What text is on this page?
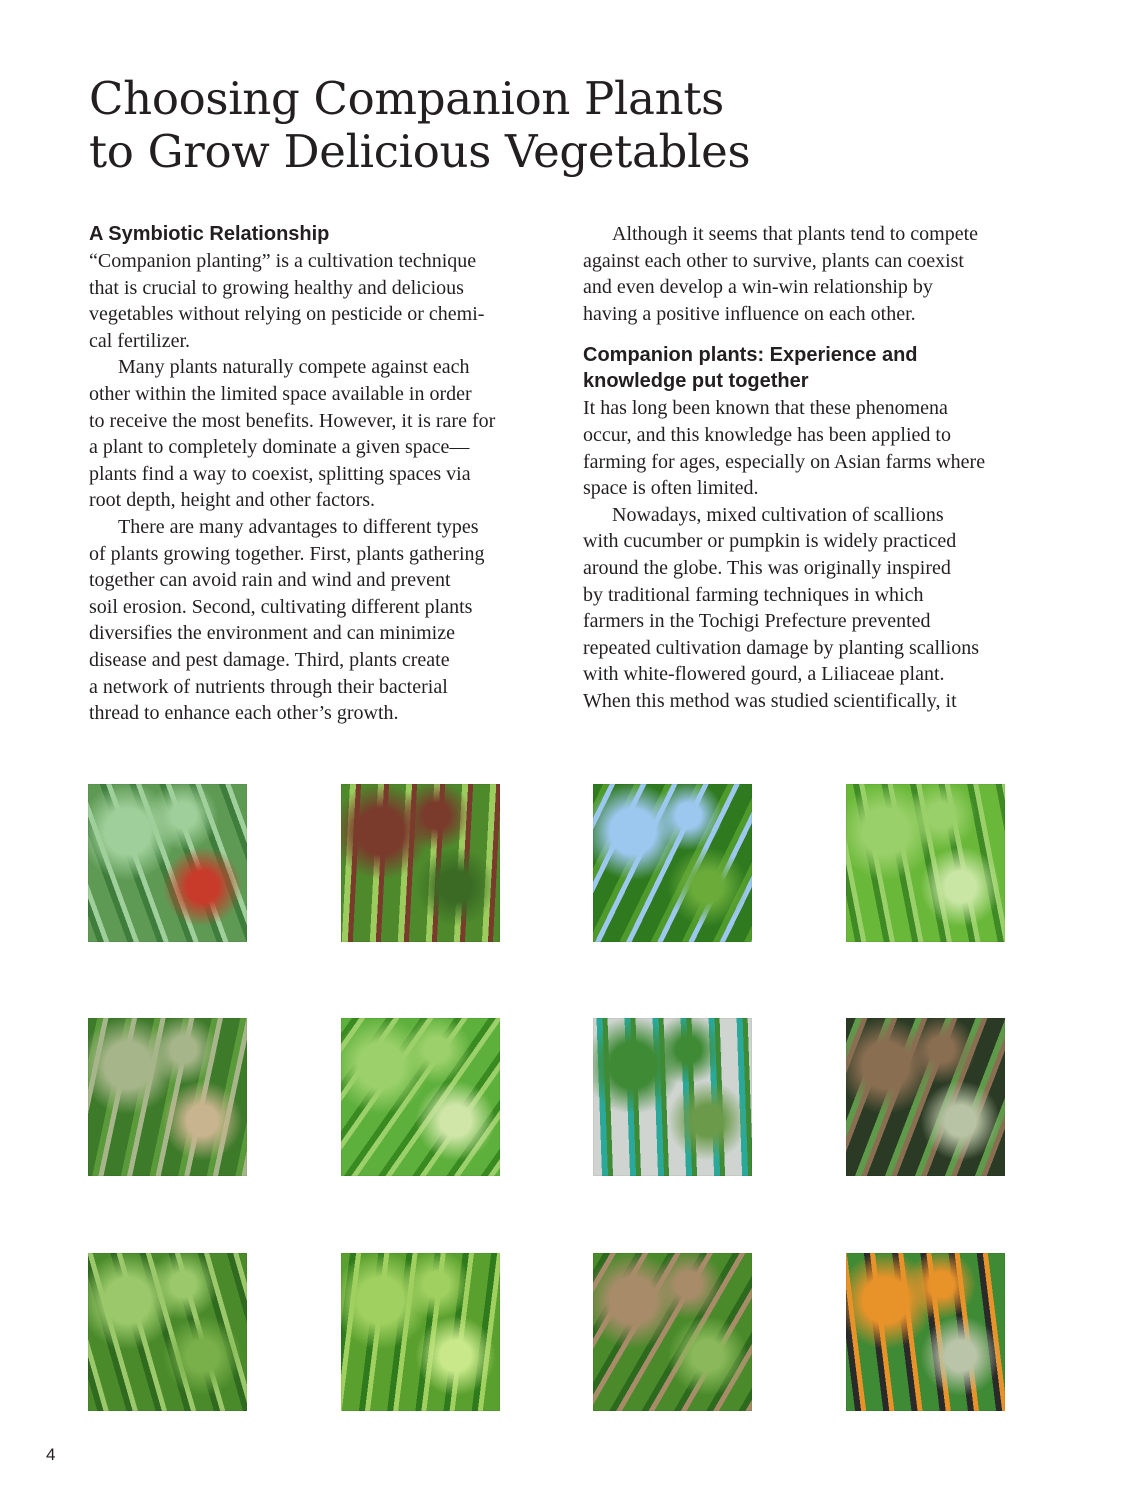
Choosing Companion Plants
to Grow Delicious Vegetables
A Symbiotic Relationship

“Companion planting” is a cultivation technique
that is crucial to growing healthy and delicious
vegetables without relying on pesticide or chemi-
cal fertilizer.

Many plants naturally compete against each
other within the limited space available in order
to receive the most benefits. However, it is rare for
a plant to completely dominate a given space—
plants find a way to coexist, splitting spaces via
root depth, height and other factors.

There are many advantages to different types
of plants growing together. First, plants gathering
together can avoid rain and wind and prevent
soil erosion. Second, cultivating different plants
diversifies the environment and can minimize
disease and pest damage. Third, plants create
a network of nutrients through their bacterial
thread to enhance each other’s growth.

Although it seems that plants tend to compete
against each other to survive, plants can coexist
and even develop a win-win relationship by
having a positive influence on each other.

Companion plants: Experience and
knowledge put together

It has long been known that these phenomena
occur, and this knowledge has been applied to
farming for ages, especially on Asian farms where
space is often limited.

Nowadays, mixed cultivation of scallions
with cucumber or pumpkin is widely practiced
around the globe. This was originally inspired
by traditional farming techniques in which
farmers in the Tochigi Prefecture prevented
repeated cultivation damage by planting scallions
with white-flowered gourd, a Liliaceae plant.
When this method was studied scientifically, it

4
